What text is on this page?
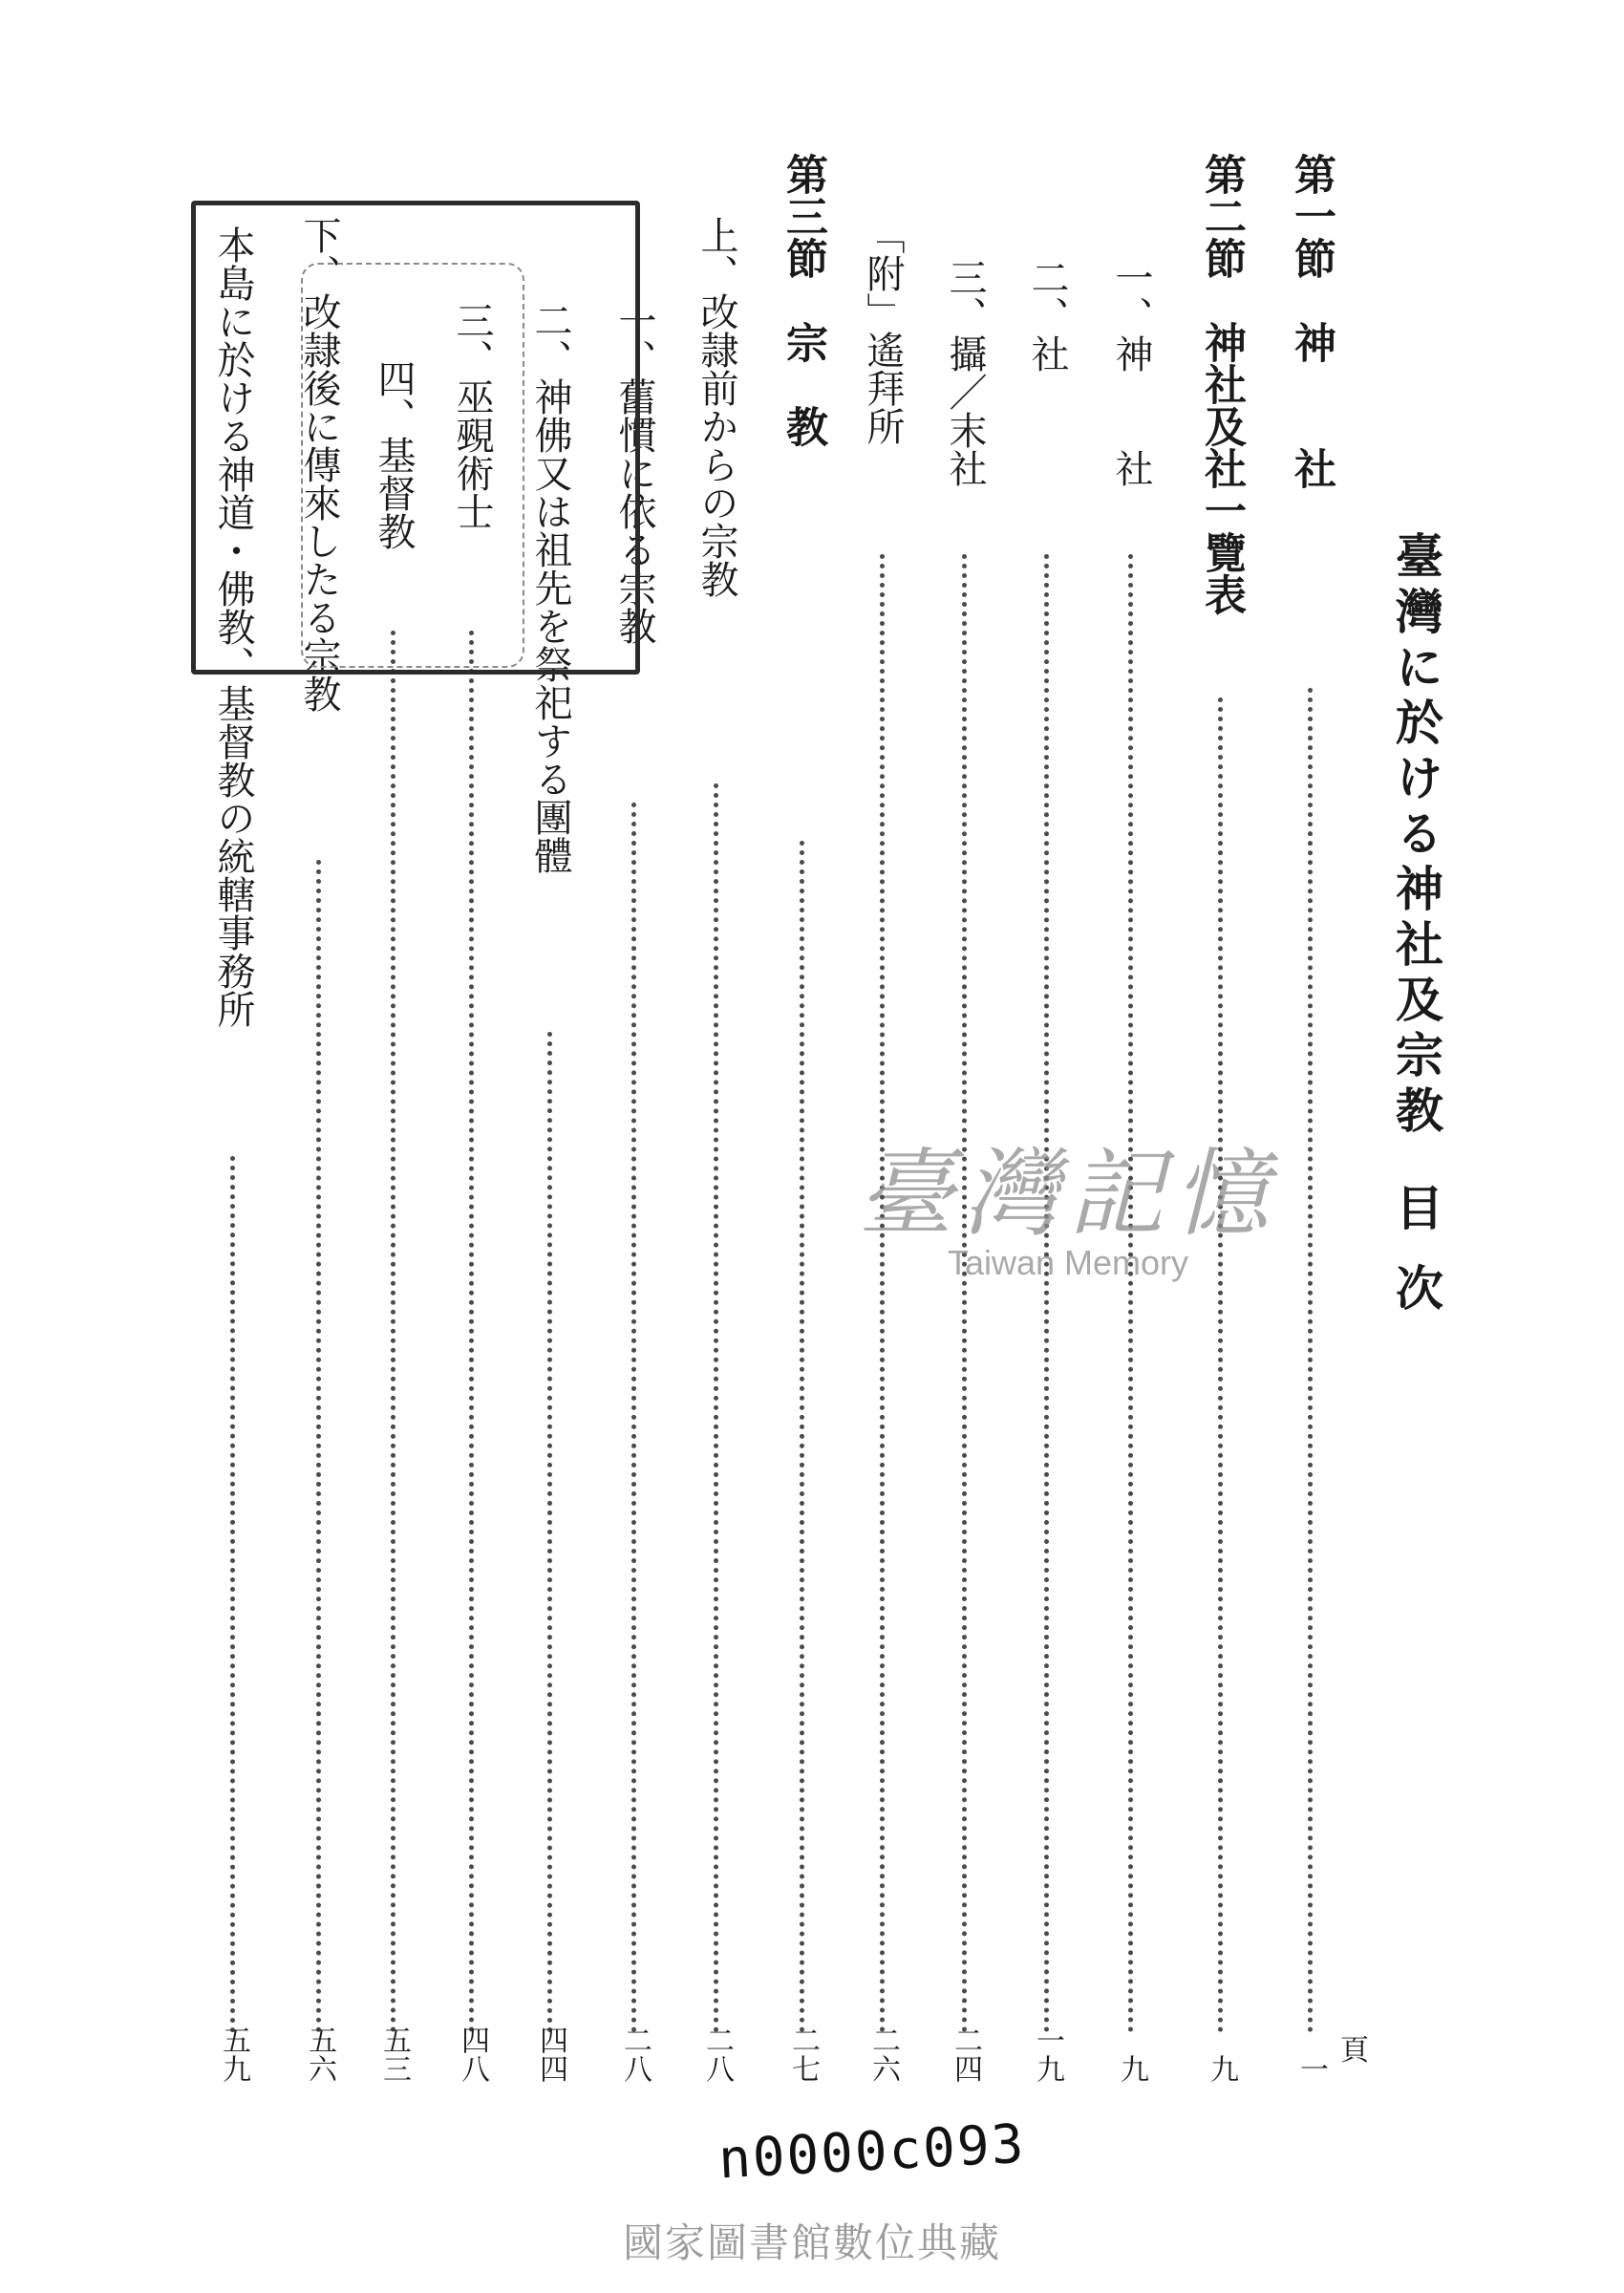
臺灣に於ける神社及宗教
目次
頁
第一節　神　　社
一
第二節　神社及社一覽表
九
一、神　　社
九
二、社
一九
三、攝／末社
二四
「附」遙拜所
二六
第三節　宗　教
二七
上、改隷前からの宗教
二八
一、舊慣に依る宗教
二八
二、神佛又は祖先を祭祀する團體
四四
三、巫覡術士
四八
四、基督教
五三
下、改隷後に傳來したる宗教
五六
本島に於ける神道・佛教、基督教の統轄事務所
五九
臺灣記憶
Taiwan Memory
n0000c093
國家圖書館數位典藏
